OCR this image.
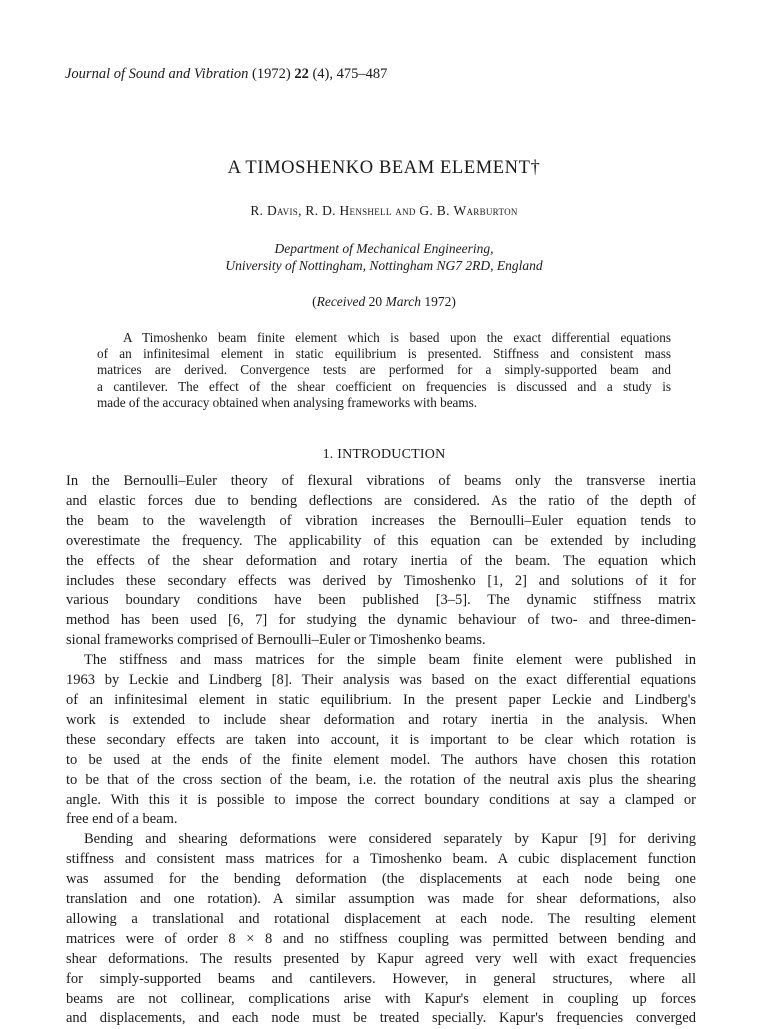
Journal of Sound and Vibration (1972) 22 (4), 475–487
A TIMOSHENKO BEAM ELEMENT†
R. Davis, R. D. Henshell and G. B. Warburton
Department of Mechanical Engineering,
University of Nottingham, Nottingham NG7 2RD, England
(Received 20 March 1972)
A Timoshenko beam finite element which is based upon the exact differential equations
of an infinitesimal element in static equilibrium is presented. Stiffness and consistent mass
matrices are derived. Convergence tests are performed for a simply-supported beam and
a cantilever. The effect of the shear coefficient on frequencies is discussed and a study is
made of the accuracy obtained when analysing frameworks with beams.
1. INTRODUCTION
In the Bernoulli–Euler theory of flexural vibrations of beams only the transverse inertia
and elastic forces due to bending deflections are considered. As the ratio of the depth of
the beam to the wavelength of vibration increases the Bernoulli–Euler equation tends to
overestimate the frequency. The applicability of this equation can be extended by including
the effects of the shear deformation and rotary inertia of the beam. The equation which
includes these secondary effects was derived by Timoshenko [1, 2] and solutions of it for
various boundary conditions have been published [3–5]. The dynamic stiffness matrix
method has been used [6, 7] for studying the dynamic behaviour of two- and three-dimen-
sional frameworks comprised of Bernoulli–Euler or Timoshenko beams.
The stiffness and mass matrices for the simple beam finite element were published in
1963 by Leckie and Lindberg [8]. Their analysis was based on the exact differential equations
of an infinitesimal element in static equilibrium. In the present paper Leckie and Lindberg's
work is extended to include shear deformation and rotary inertia in the analysis. When
these secondary effects are taken into account, it is important to be clear which rotation is
to be used at the ends of the finite element model. The authors have chosen this rotation
to be that of the cross section of the beam, i.e. the rotation of the neutral axis plus the shearing
angle. With this it is possible to impose the correct boundary conditions at say a clamped or
free end of a beam.
Bending and shearing deformations were considered separately by Kapur [9] for deriving
stiffness and consistent mass matrices for a Timoshenko beam. A cubic displacement function
was assumed for the bending deformation (the displacements at each node being one
translation and one rotation). A similar assumption was made for shear deformations, also
allowing a translational and rotational displacement at each node. The resulting element
matrices were of order 8 × 8 and no stiffness coupling was permitted between bending and
shear deformations. The results presented by Kapur agreed very well with exact frequencies
for simply-supported beams and cantilevers. However, in general structures, where all
beams are not collinear, complications arise with Kapur's element in coupling up forces
and displacements, and each node must be treated specially. Kapur's frequencies converged
